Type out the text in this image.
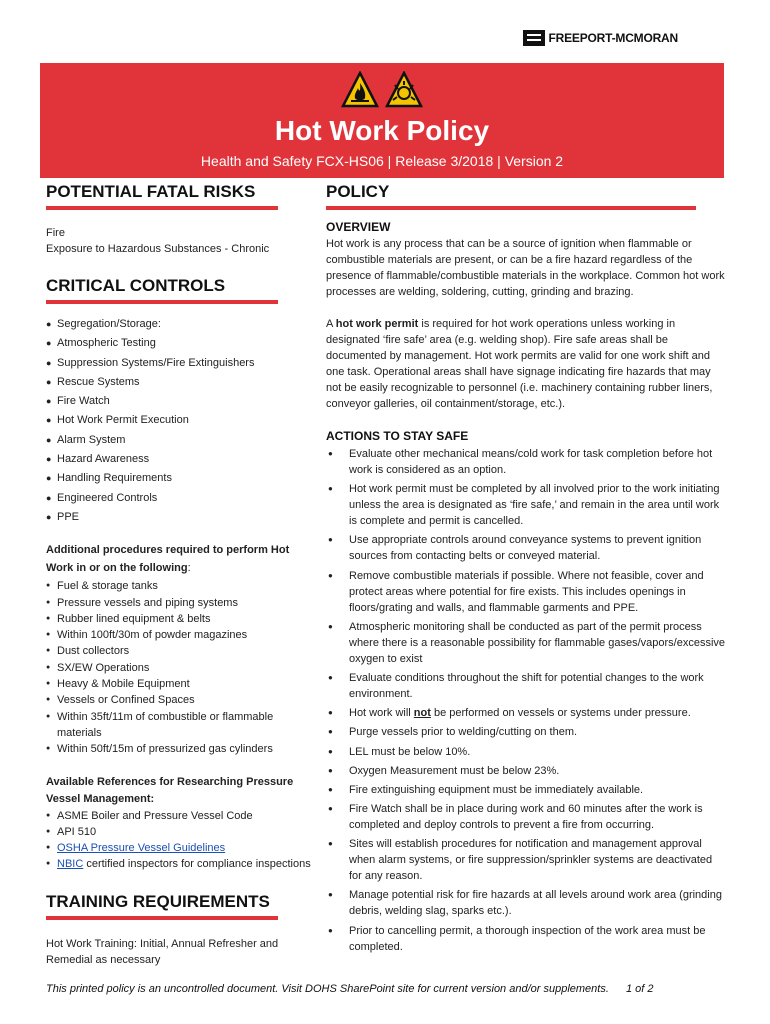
FREEPORT-MCMORAN
Hot Work Policy
Health and Safety FCX-HS06 | Release 3/2018 | Version 2
POTENTIAL FATAL RISKS
Fire
Exposure to Hazardous Substances - Chronic
CRITICAL CONTROLS
● Segregation/Storage:
● Atmospheric Testing
● Suppression Systems/Fire Extinguishers
● Rescue Systems
● Fire Watch
● Hot Work Permit Execution
● Alarm System
● Hazard Awareness
● Handling Requirements
● Engineered Controls
● PPE
Additional procedures required to perform Hot Work in or on the following:
● Fuel & storage tanks
● Pressure vessels and piping systems
● Rubber lined equipment & belts
● Within 100ft/30m of powder magazines
● Dust collectors
● SX/EW Operations
● Heavy & Mobile Equipment
● Vessels or Confined Spaces
● Within 35ft/11m of combustible or flammable materials
● Within 50ft/15m of pressurized gas cylinders
Available References for Researching Pressure Vessel Management:
● ASME Boiler and Pressure Vessel Code
● API 510
● OSHA Pressure Vessel Guidelines
● NBIC certified inspectors for compliance inspections
TRAINING REQUIREMENTS
Hot Work Training: Initial, Annual Refresher and Remedial as necessary
POLICY
OVERVIEW
Hot work is any process that can be a source of ignition when flammable or combustible materials are present, or can be a fire hazard regardless of the presence of flammable/combustible materials in the workplace. Common hot work processes are welding, soldering, cutting, grinding and brazing.
A hot work permit is required for hot work operations unless working in designated ‘fire safe’ area (e.g. welding shop). Fire safe areas shall be documented by management. Hot work permits are valid for one work shift and one task. Operational areas shall have signage indicating fire hazards that may not be easily recognizable to personnel (i.e. machinery containing rubber liners, conveyor galleries, oil containment/storage, etc.).
ACTIONS TO STAY SAFE
● Evaluate other mechanical means/cold work for task completion before hot work is considered as an option.
● Hot work permit must be completed by all involved prior to the work initiating unless the area is designated as ‘fire safe,’ and remain in the area until work is complete and permit is cancelled.
● Use appropriate controls around conveyance systems to prevent ignition sources from contacting belts or conveyed material.
● Remove combustible materials if possible. Where not feasible, cover and protect areas where potential for fire exists. This includes openings in floors/grating and walls, and flammable garments and PPE.
● Atmospheric monitoring shall be conducted as part of the permit process where there is a reasonable possibility for flammable gases/vapors/excessive oxygen to exist
● Evaluate conditions throughout the shift for potential changes to the work environment.
● Hot work will not be performed on vessels or systems under pressure.
● Purge vessels prior to welding/cutting on them.
● LEL must be below 10%.
● Oxygen Measurement must be below 23%.
● Fire extinguishing equipment must be immediately available.
● Fire Watch shall be in place during work and 60 minutes after the work is completed and deploy controls to prevent a fire from occurring.
● Sites will establish procedures for notification and management approval when alarm systems, or fire suppression/sprinkler systems are deactivated for any reason.
● Manage potential risk for fire hazards at all levels around work area (grinding debris, welding slag, sparks etc.).
● Prior to cancelling permit, a thorough inspection of the work area must be completed.
This printed policy is an uncontrolled document. Visit DOHS SharePoint site for current version and/or supplements. 1 of 2
